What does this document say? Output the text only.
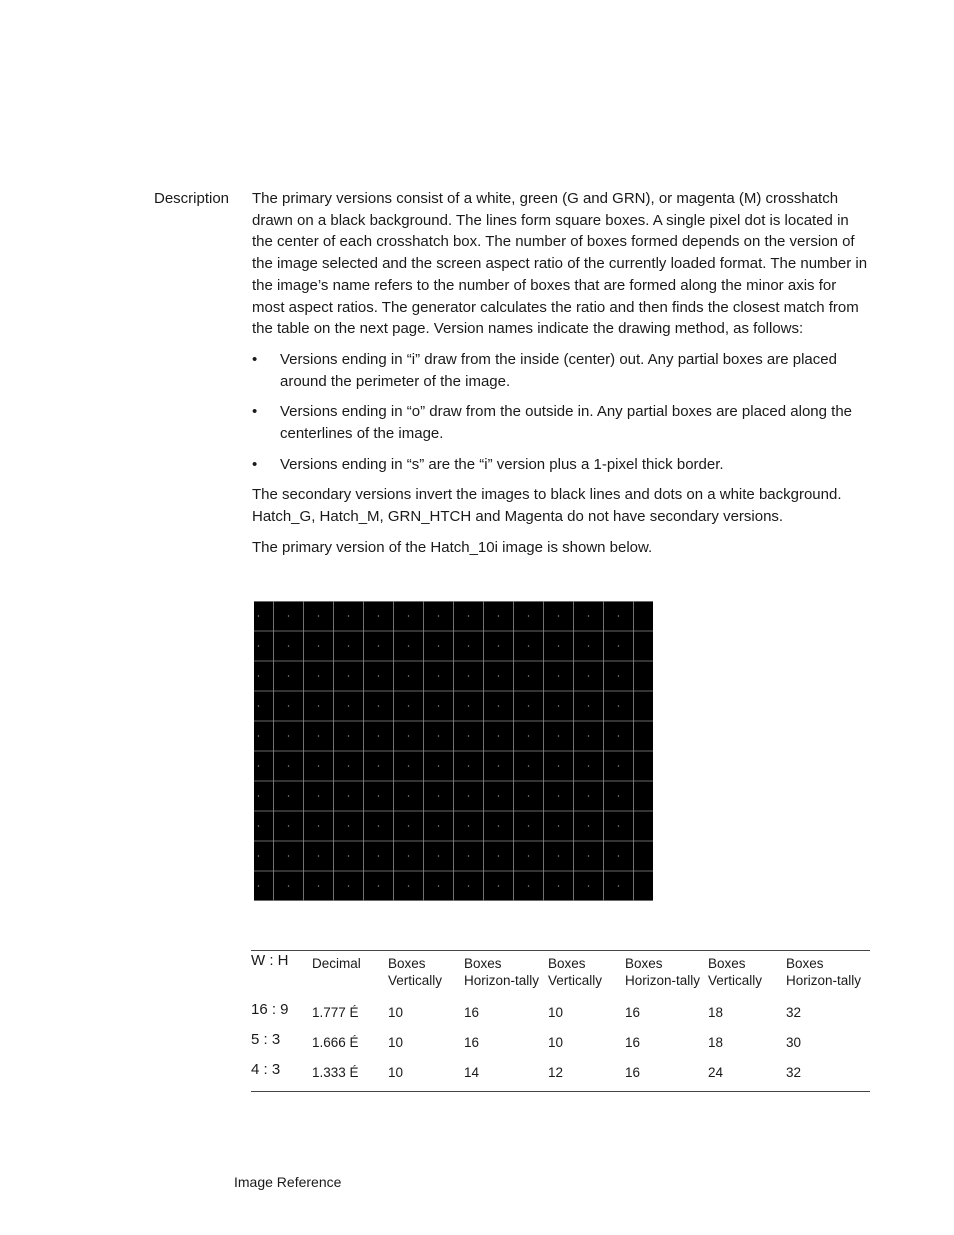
Description The primary versions consist of a white, green (G and GRN), or magenta (M) crosshatch drawn on a black background. The lines form square boxes. A single pixel dot is located in the center of each crosshatch box. The number of boxes formed depends on the version of the image selected and the screen aspect ratio of the currently loaded format. The number in the image’s name refers to the number of boxes that are formed along the minor axis for most aspect ratios. The generator calculates the ratio and then finds the closest match from the table on the next page. Version names indicate the drawing method, as follows:

•	Versions ending in “i” draw from the inside (center) out. Any partial boxes are placed around the perimeter of the image.
•	Versions ending in “o” draw from the outside in. Any partial boxes are placed along the centerlines of the image.
•	Versions ending in “s” are the “i” version plus a 1-pixel thick border.

The secondary versions invert the images to black lines and dots on a white background. Hatch_G, Hatch_M, GRN_HTCH and Magenta do not have secondary versions.

The primary version of the Hatch_10i image is shown below.

W : H	Decimal	Boxes Vertically	Boxes Horizon-tally	Boxes Vertically	Boxes Horizon-tally	Boxes Vertically	Boxes Horizon-tally
16 : 9	1.777 É	10	16	10	16	18	32
5 : 3	1.666 É	10	16	10	16	18	30
4 : 3	1.333 É	10	14	12	16	24	32
Image Reference
